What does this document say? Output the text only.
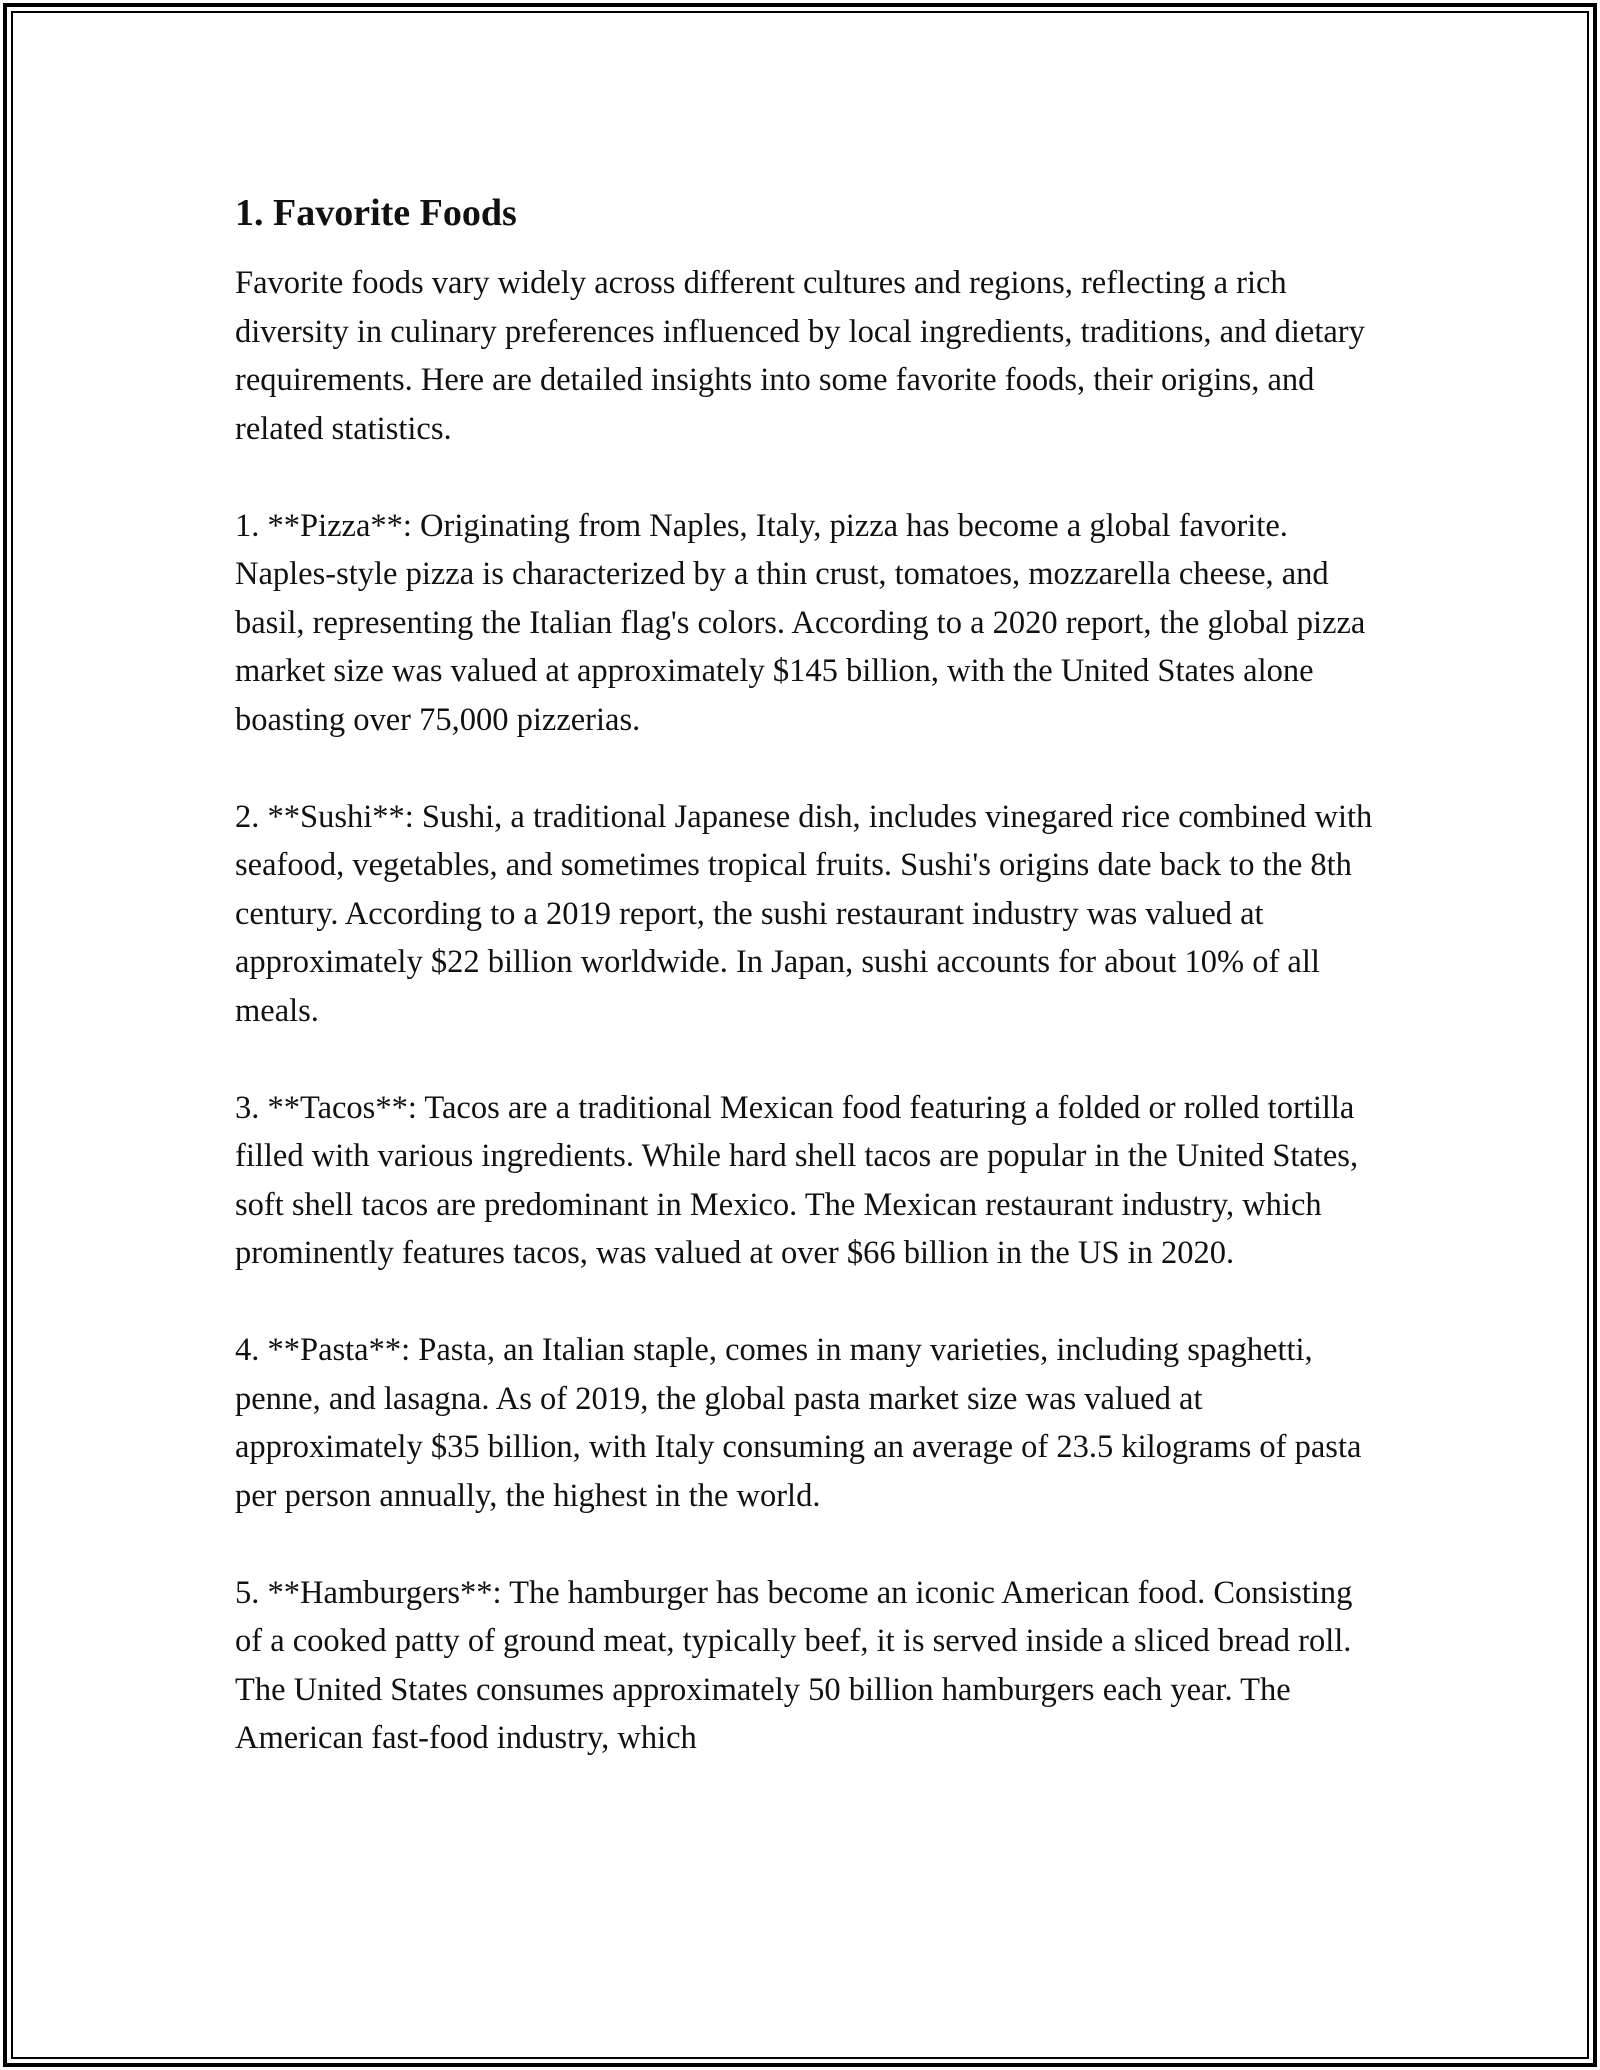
1. Favorite Foods

Favorite foods vary widely across different cultures and regions, reflecting a rich diversity in culinary preferences influenced by local ingredients, traditions, and dietary requirements. Here are detailed insights into some favorite foods, their origins, and related statistics.

1. **Pizza**: Originating from Naples, Italy, pizza has become a global favorite. Naples-style pizza is characterized by a thin crust, tomatoes, mozzarella cheese, and basil, representing the Italian flag's colors. According to a 2020 report, the global pizza market size was valued at approximately $145 billion, with the United States alone boasting over 75,000 pizzerias.

2. **Sushi**: Sushi, a traditional Japanese dish, includes vinegared rice combined with seafood, vegetables, and sometimes tropical fruits. Sushi's origins date back to the 8th century. According to a 2019 report, the sushi restaurant industry was valued at approximately $22 billion worldwide. In Japan, sushi accounts for about 10% of all meals.

3. **Tacos**: Tacos are a traditional Mexican food featuring a folded or rolled tortilla filled with various ingredients. While hard shell tacos are popular in the United States, soft shell tacos are predominant in Mexico. The Mexican restaurant industry, which prominently features tacos, was valued at over $66 billion in the US in 2020.

4. **Pasta**: Pasta, an Italian staple, comes in many varieties, including spaghetti, penne, and lasagna. As of 2019, the global pasta market size was valued at approximately $35 billion, with Italy consuming an average of 23.5 kilograms of pasta per person annually, the highest in the world.

5. **Hamburgers**: The hamburger has become an iconic American food. Consisting of a cooked patty of ground meat, typically beef, it is served inside a sliced bread roll. The United States consumes approximately 50 billion hamburgers each year. The American fast-food industry, which
